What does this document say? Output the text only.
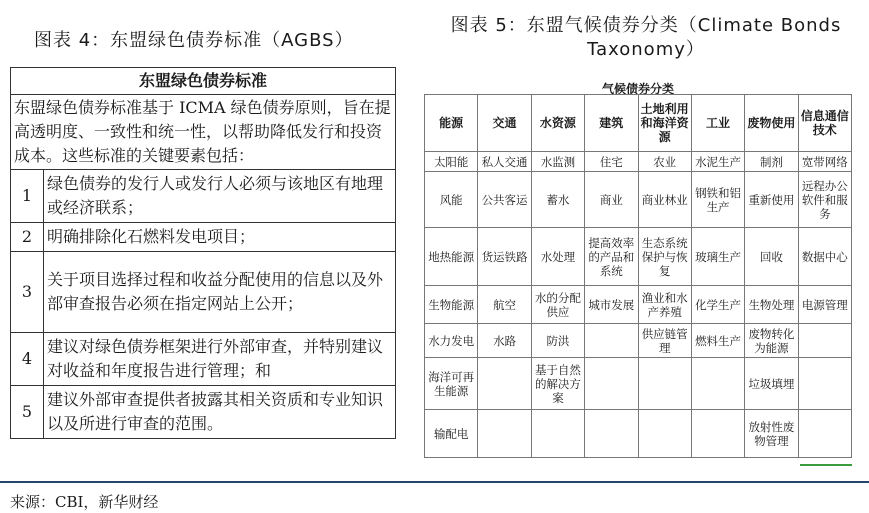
图表 4：东盟绿色债券标准（AGBS）
图表 5：东盟气候债券分类（Climate Bonds Taxonomy）
东盟绿色债券标准	
东盟绿色债券标准基于 ICMA 绿色债券原则，旨在提高透明度、一致性和统一性，以帮助降低发行和投资成本。这些标准的关键要素包括：	
1	绿色债券的发行人或发行人必须与该地区有地理或经济联系；
2	明确排除化石燃料发电项目；
3	关于项目选择过程和收益分配使用的信息以及外部审查报告必须在指定网站上公开；
4	建议对绿色债券框架进行外部审查，并特别建议对收益和年度报告进行管理；和
5	建议外部审查提供者披露其相关资质和专业知识以及所进行审查的范围。
气候债券分类
能源	交通	水资源	建筑	土地利用和海洋资源	工业	废物使用	信息通信技术
太阳能	私人交通	水监测	住宅	农业	水泥生产	制剂	宽带网络
风能	公共客运	蓄水	商业	商业林业	钢铁和铝生产	重新使用	远程办公软件和服务
地热能源	货运铁路	水处理	提高效率的产品和系统	生态系统保护与恢复	玻璃生产	回收	数据中心
生物能源	航空	水的分配供应	城市发展	渔业和水产养殖	化学生产	生物处理	电源管理
水力发电	水路	防洪		供应链管理	燃料生产	废物转化为能源	
海洋可再生能源		基于自然的解决方案				垃圾填埋	
输配电						放射性废物管理	
来源：CBI，新华财经
